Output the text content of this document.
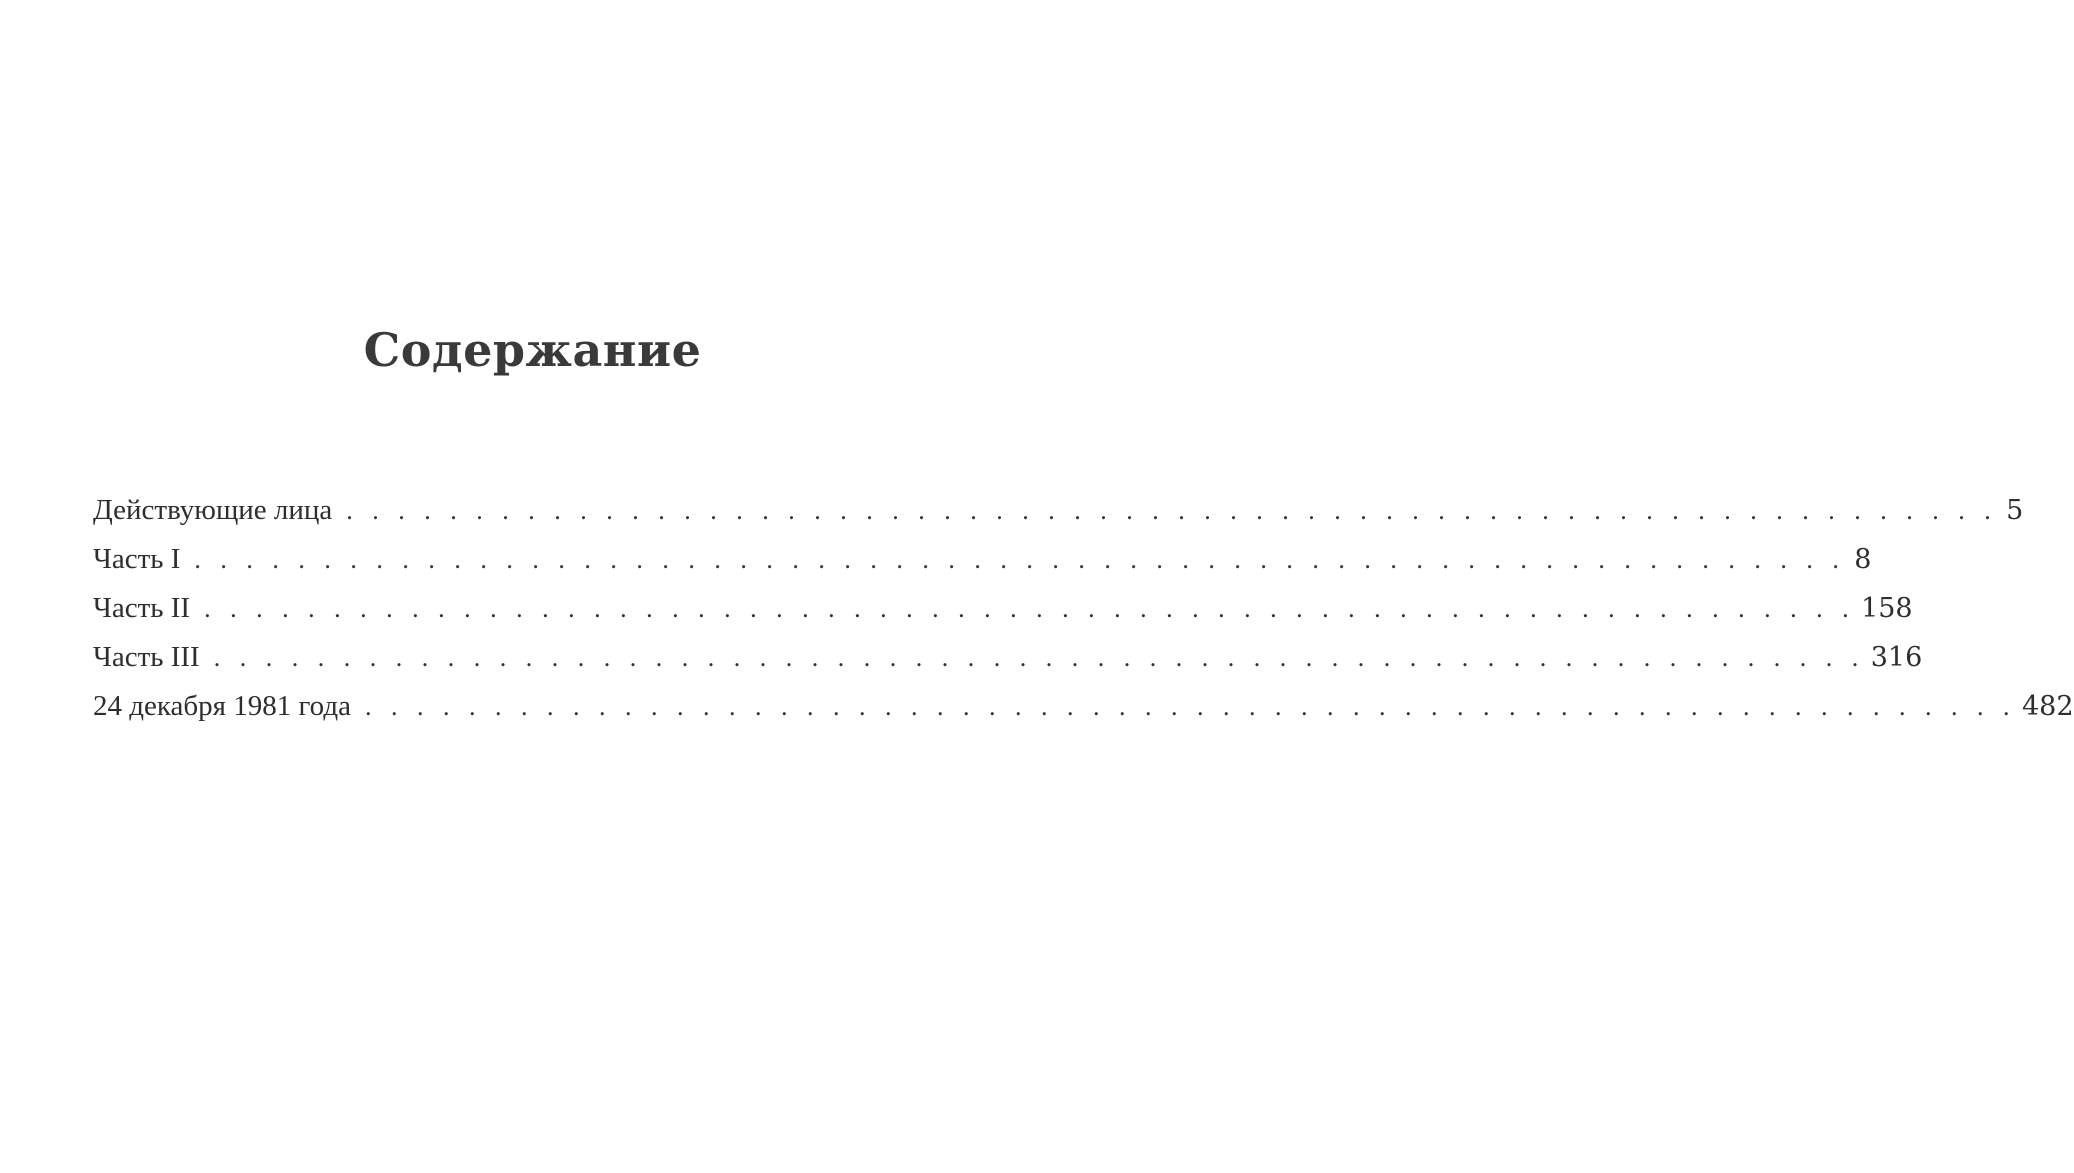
Содержание
Действующие лица . . . . . . . . . . . . . . . . . . . . . . . . . . . . . . . . . . . . . . . . . . . . . . . . . . . . . . . . . . . . . . . . 5
Часть I . . . . . . . . . . . . . . . . . . . . . . . . . . . . . . . . . . . . . . . . . . . . . . . . . . . . . . . . . . . . . . . . 8
Часть II . . . . . . . . . . . . . . . . . . . . . . . . . . . . . . . . . . . . . . . . . . . . . . . . . . . . . . . . . . . . . . . . 158
Часть III . . . . . . . . . . . . . . . . . . . . . . . . . . . . . . . . . . . . . . . . . . . . . . . . . . . . . . . . . . . . . . . . 316
24 декабря 1981 года . . . . . . . . . . . . . . . . . . . . . . . . . . . . . . . . . . . . . . . . . . . . . . . . . . . . . . . . . . . . . . . . 482
